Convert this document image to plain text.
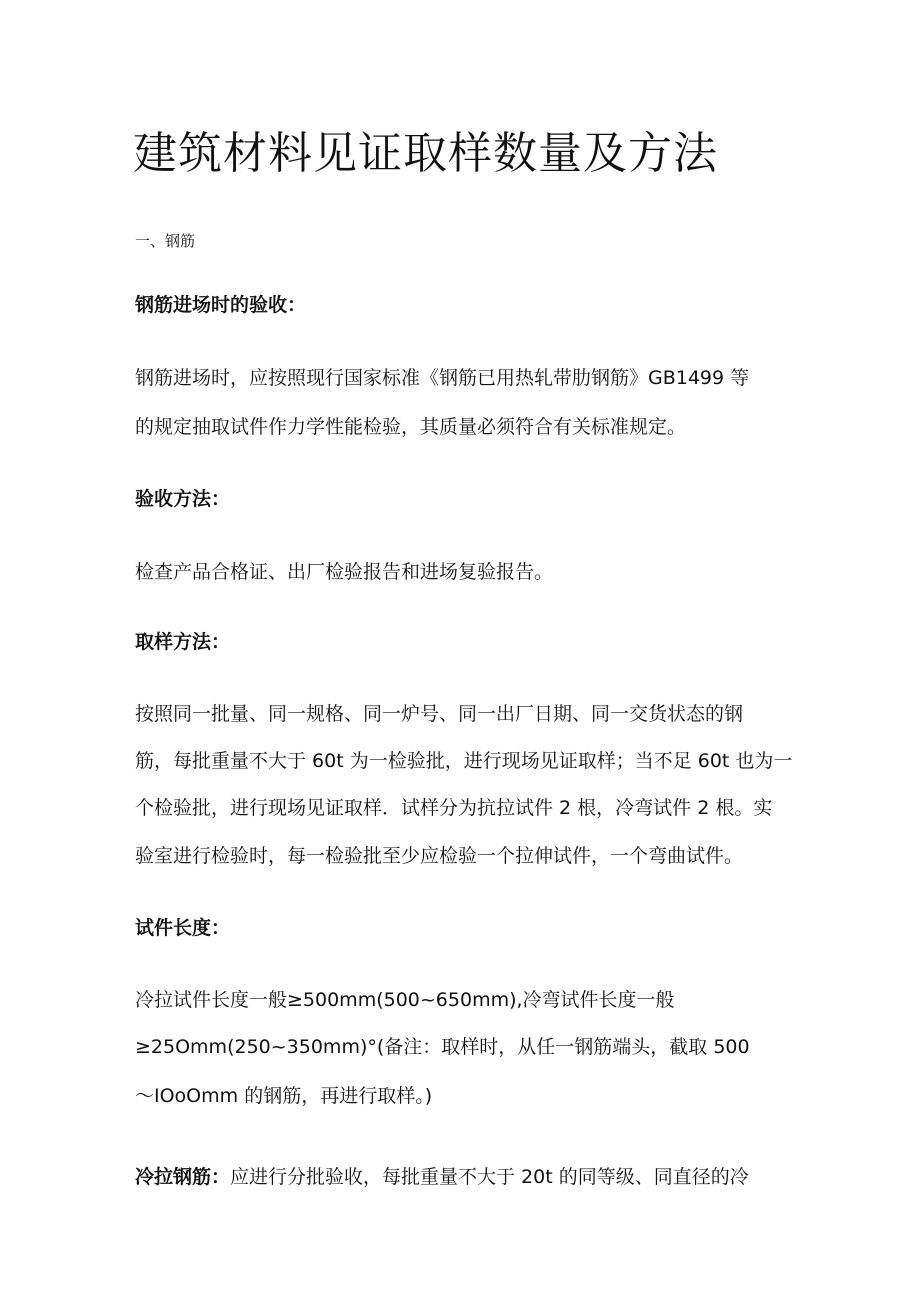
建筑材料见证取样数量及方法
一、钢筋
钢筋进场时的验收：
钢筋进场时，应按照现行国家标准《钢筋已用热轧带肋钢筋》GB1499 等
的规定抽取试件作力学性能检验，其质量必须符合有关标准规定。
验收方法：
检查产品合格证、出厂检验报告和进场复验报告。
取样方法：
按照同一批量、同一规格、同一炉号、同一出厂日期、同一交货状态的钢
筋，每批重量不大于 60t 为一检验批，进行现场见证取样；当不足 60t 也为一
个检验批，进行现场见证取样．试样分为抗拉试件 2 根，冷弯试件 2 根。实
验室进行检验时，每一检验批至少应检验一个拉伸试件，一个弯曲试件。
试件长度：
冷拉试件长度一般≥500mm(500~650mm),冷弯试件长度一般
≥25Omm(250~350mm)°(备注：取样时，从任一钢筋端头，截取 500
～IOoOmm 的钢筋，再进行取样。)
冷拉钢筋：应进行分批验收，每批重量不大于 20t 的同等级、同直径的冷
